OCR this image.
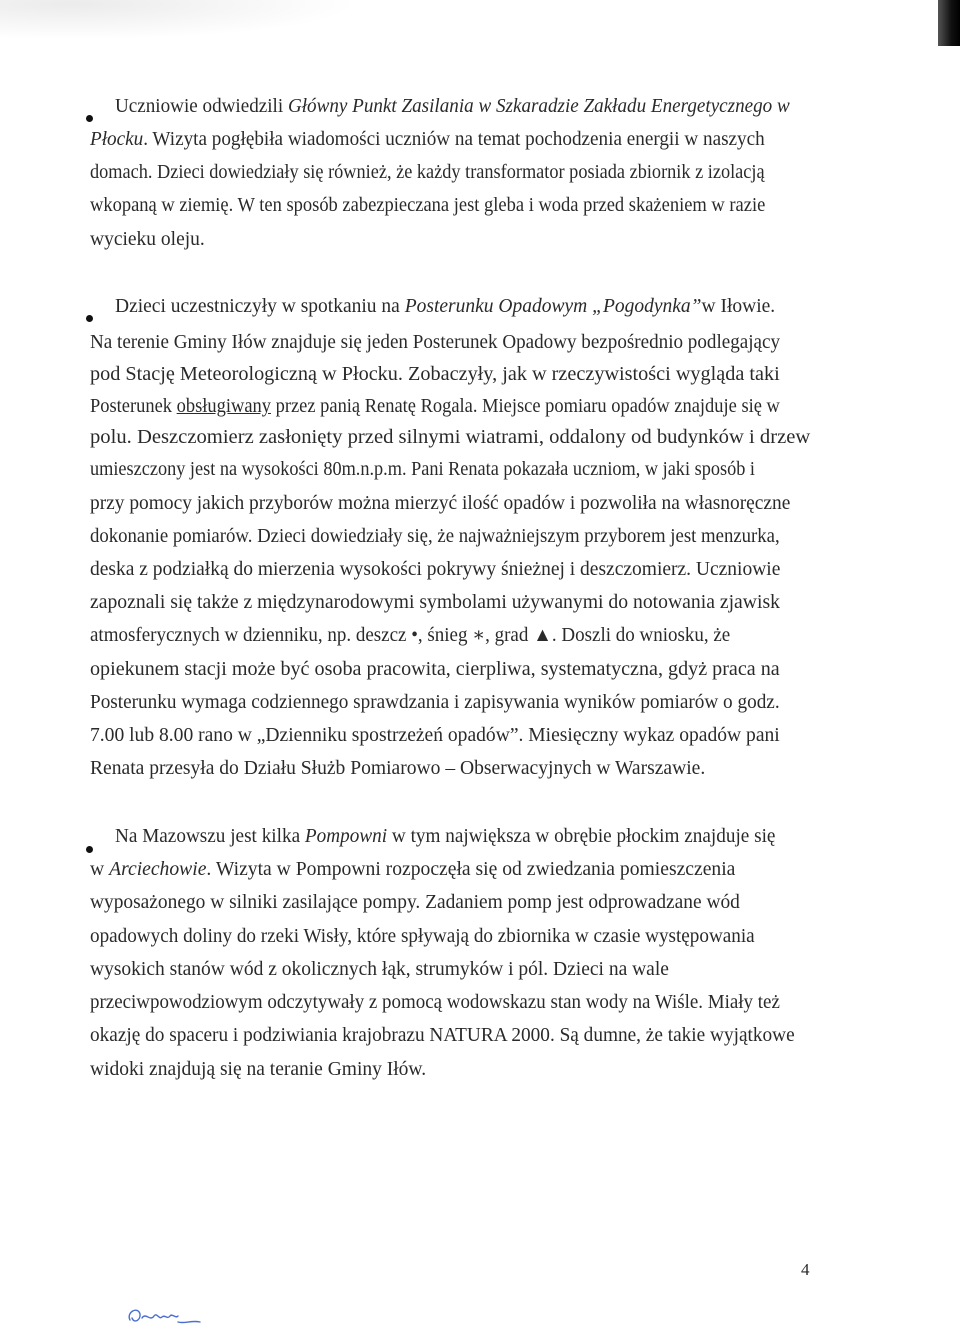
Uczniowie odwiedzili Główny Punkt Zasilania w Szkaradzie Zakładu Energetycznego w
Płocku. Wizyta pogłębiła wiadomości uczniów na temat pochodzenia energii w naszych
domach. Dzieci dowiedziały się również, że każdy transformator posiada zbiornik z izolacją
wkopaną w ziemię. W ten sposób zabezpieczana jest gleba i woda przed skażeniem w razie
wycieku oleju.
Dzieci uczestniczyły w spotkaniu na Posterunku Opadowym „Pogodynka”w Iłowie.
Na terenie Gminy Iłów znajduje się jeden Posterunek Opadowy bezpośrednio podlegający
pod Stację Meteorologiczną w Płocku. Zobaczyły, jak w rzeczywistości wygląda taki
Posterunek obsługiwany przez panią Renatę Rogala. Miejsce pomiaru opadów znajduje się w
polu. Deszczomierz zasłonięty przed silnymi wiatrami, oddalony od budynków i drzew
umieszczony jest na wysokości 80m.n.p.m. Pani Renata pokazała uczniom, w jaki sposób i
przy pomocy jakich przyborów można mierzyć ilość opadów i pozwoliła na własnoręczne
dokonanie pomiarów. Dzieci dowiedziały się, że najważniejszym przyborem jest menzurka,
deska z podziałką do mierzenia wysokości pokrywy śnieżnej i deszczomierz. Uczniowie
zapoznali się także z międzynarodowymi symbolami używanymi do notowania zjawisk
atmosferycznych w dzienniku, np. deszcz •, śnieg ∗, grad ▲. Doszli do wniosku, że
opiekunem stacji może być osoba pracowita, cierpliwa, systematyczna, gdyż praca na
Posterunku wymaga codziennego sprawdzania i zapisywania wyników pomiarów o godz.
7.00 lub 8.00 rano w „Dzienniku spostrzeżeń opadów”. Miesięczny wykaz opadów pani
Renata przesyła do Działu Służb Pomiarowo – Obserwacyjnych w Warszawie.
Na Mazowszu jest kilka Pompowni w tym największa w obrębie płockim znajduje się
w Arciechowie. Wizyta w Pompowni rozpoczęła się od zwiedzania pomieszczenia
wyposażonego w silniki zasilające pompy. Zadaniem pomp jest odprowadzane wód
opadowych doliny do rzeki Wisły, które spływają do zbiornika w czasie występowania
wysokich stanów wód z okolicznych łąk, strumyków i pól. Dzieci na wale
przeciwpowodziowym odczytywały z pomocą wodowskazu stan wody na Wiśle. Miały też
okazję do spaceru i podziwiania krajobrazu NATURA 2000. Są dumne, że takie wyjątkowe
widoki znajdują się na teranie Gminy Iłów.
4
